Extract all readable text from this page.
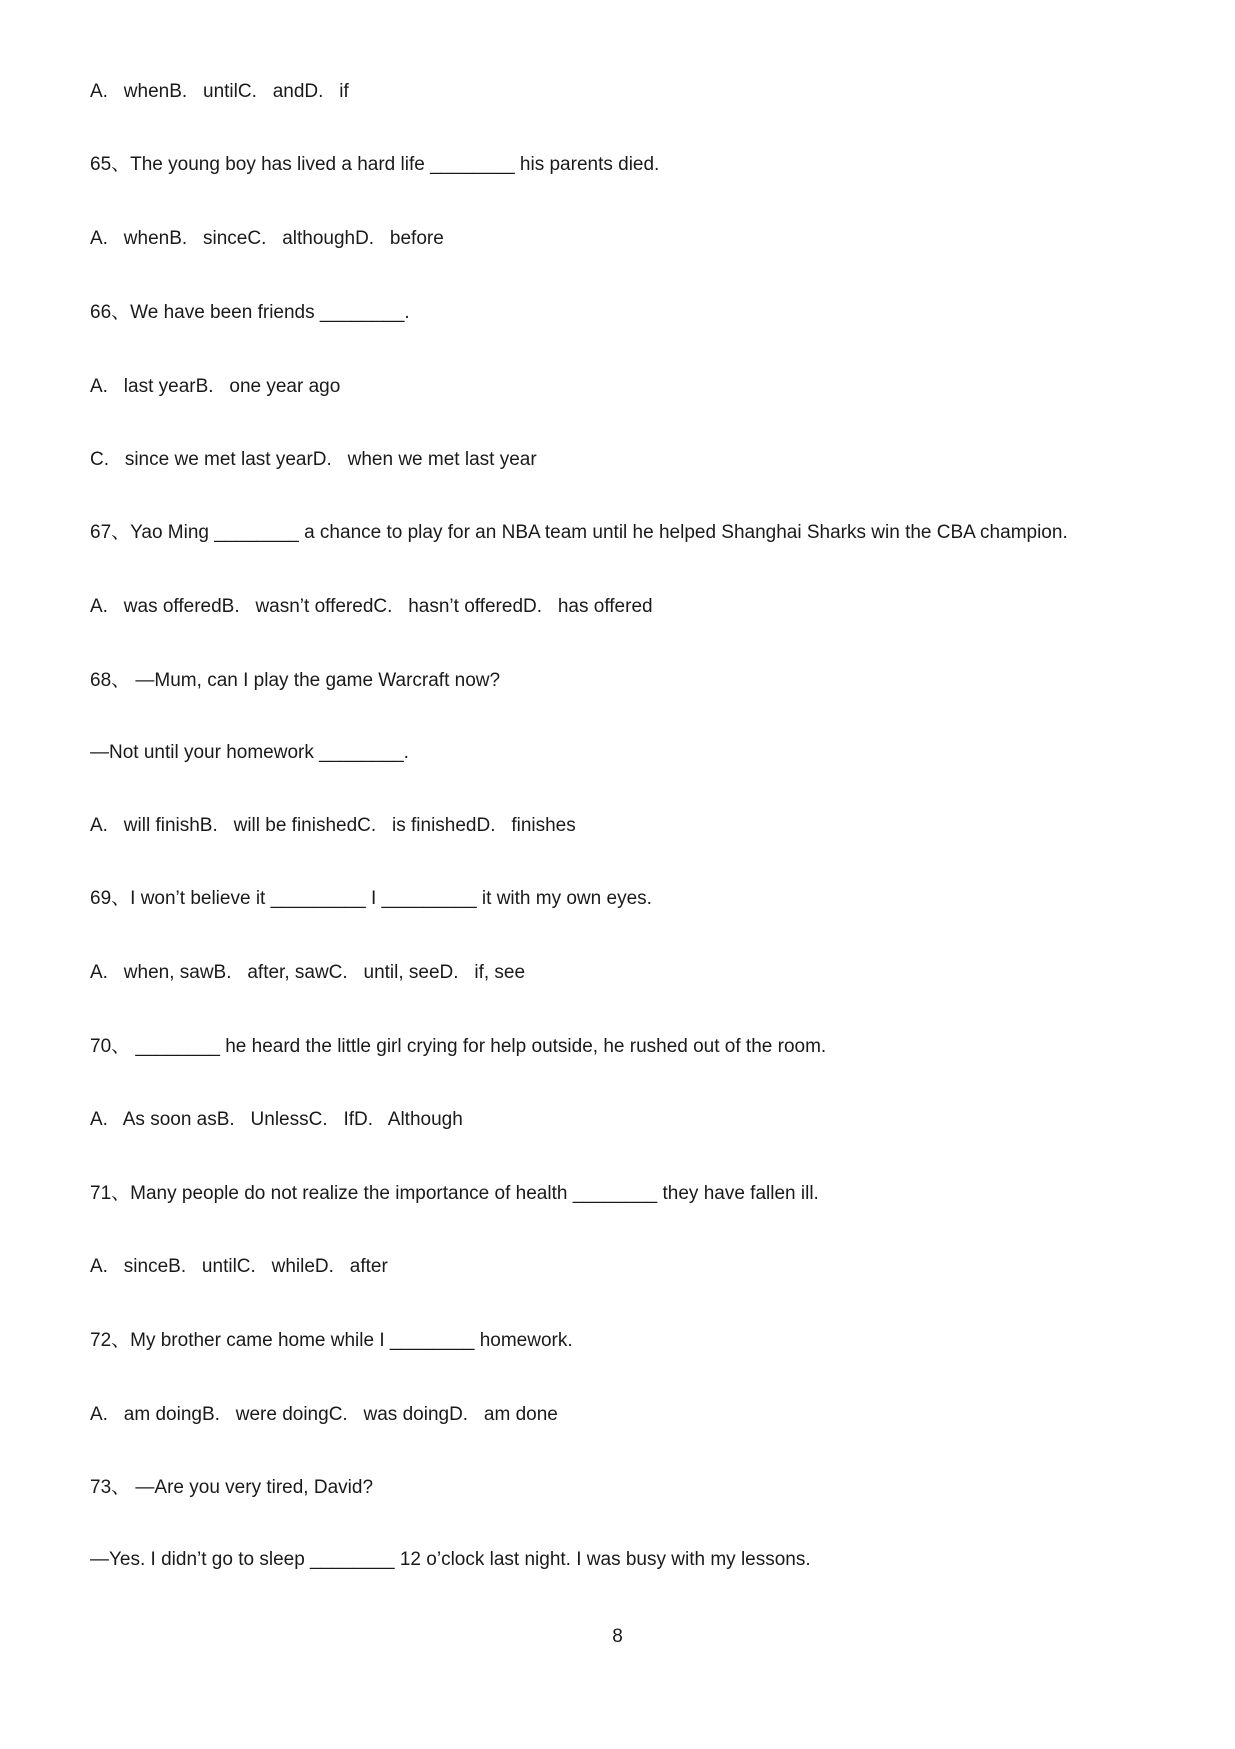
A.   whenB.   untilC.   andD.   if
65、The young boy has lived a hard life ________ his parents died.
A.   whenB.   sinceC.   althoughD.   before
66、We have been friends ________.
A.   last yearB.   one year ago
C.   since we met last yearD.   when we met last year
67、Yao Ming ________ a chance to play for an NBA team until he helped Shanghai Sharks win the CBA champion.
A.   was offeredB.   wasn’t offeredC.   hasn’t offeredD.   has offered
68、 —Mum, can I play the game Warcraft now?
—Not until your homework ________.
A.   will finishB.   will be finishedC.   is finishedD.   finishes
69、I won’t believe it _________ I _________ it with my own eyes.
A.   when, sawB.   after, sawC.   until, seeD.   if, see
70、 ________ he heard the little girl crying for help outside, he rushed out of the room.
A.   As soon asB.   UnlessC.   IfD.   Although
71、Many people do not realize the importance of health ________ they have fallen ill.
A.   sinceB.   untilC.   whileD.   after
72、My brother came home while I ________ homework.
A.   am doingB.   were doingC.   was doingD.   am done
73、 —Are you very tired, David?
—Yes. I didn’t go to sleep ________ 12 o’clock last night. I was busy with my lessons.
8
